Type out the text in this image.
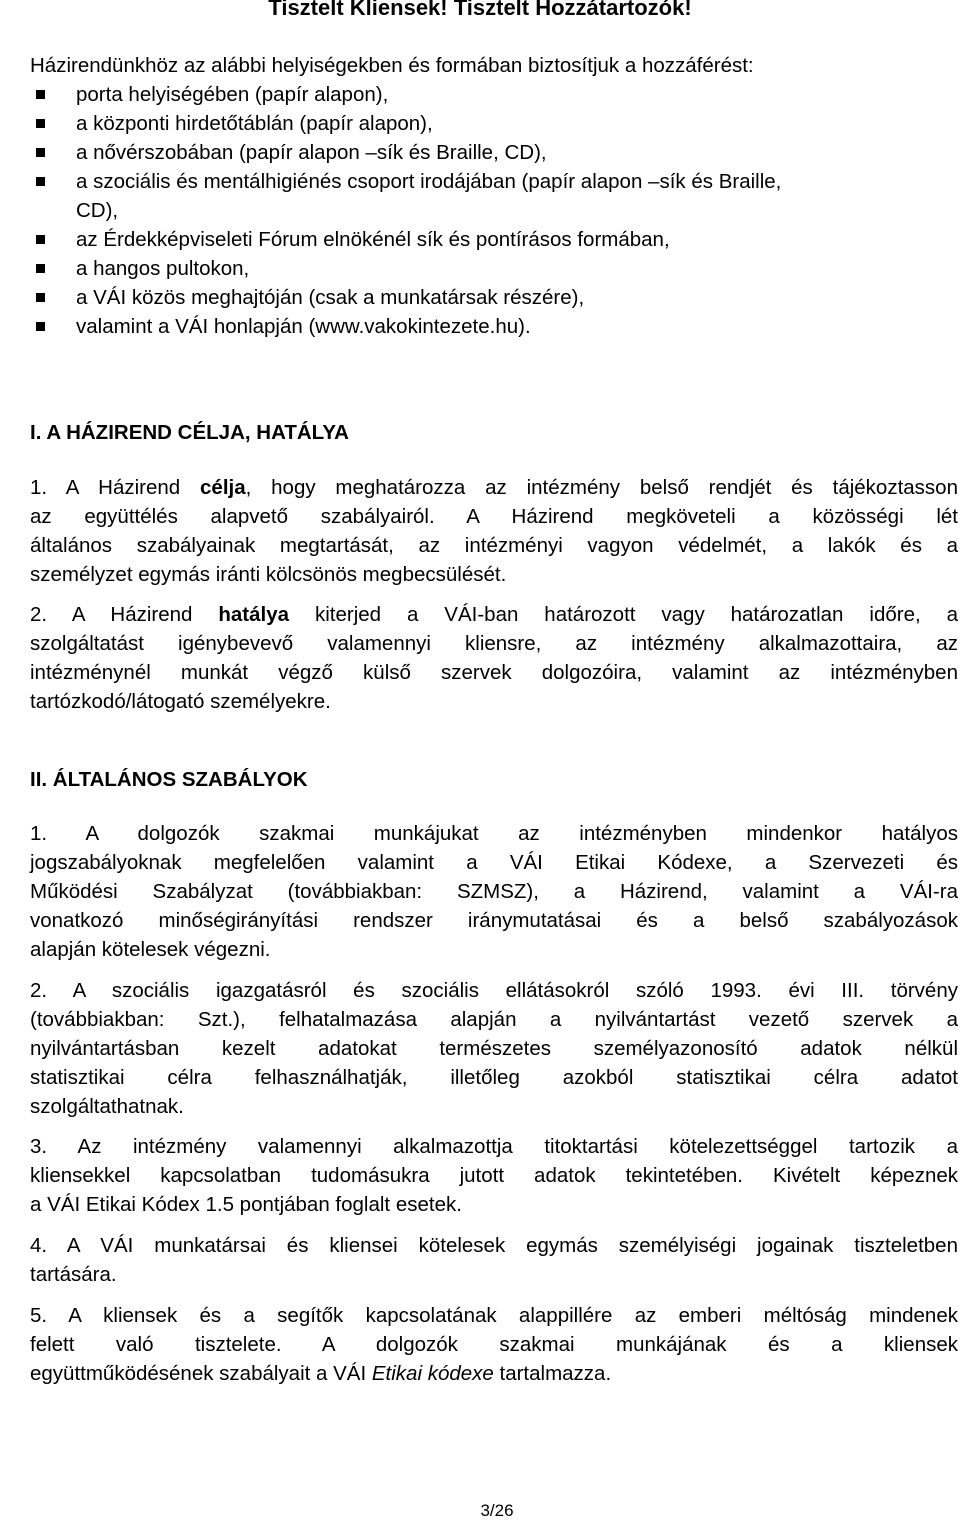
Tisztelt Kliensek! Tisztelt Hozzátartozók!
Házirendünkhöz az alábbi helyiségekben és formában biztosítjuk a hozzáférést:
porta helyiségében (papír alapon),
a központi hirdetőtáblán (papír alapon),
a nővérszobában (papír alapon –sík és Braille, CD),
a szociális és mentálhigiénés csoport irodájában (papír alapon –sík és Braille,
CD),
az Érdekképviseleti Fórum elnökénél sík és pontírásos formában,
a hangos pultokon,
a VÁI közös meghajtóján (csak a munkatársak részére),
valamint a VÁI honlapján (www.vakokintezete.hu).
I. A HÁZIREND CÉLJA, HATÁLYA
1. A Házirend célja, hogy meghatározza az intézmény belső rendjét és tájékoztasson
az együttélés alapvető szabályairól. A Házirend megköveteli a közösségi lét
általános szabályainak megtartását, az intézményi vagyon védelmét, a lakók és a
személyzet egymás iránti kölcsönös megbecsülését.
2. A Házirend hatálya kiterjed a VÁI-ban határozott vagy határozatlan időre, a
szolgáltatást igénybevevő valamennyi kliensre, az intézmény alkalmazottaira, az
intézménynél munkát végző külső szervek dolgozóira, valamint az intézményben
tartózkodó/látogató személyekre.
II. ÁLTALÁNOS SZABÁLYOK
1. A dolgozók szakmai munkájukat az intézményben mindenkor hatályos
jogszabályoknak megfelelően valamint a VÁI Etikai Kódexe, a Szervezeti és
Működési Szabályzat (továbbiakban: SZMSZ), a Házirend, valamint a VÁI-ra
vonatkozó minőségirányítási rendszer iránymutatásai és a belső szabályozások
alapján kötelesek végezni.
2. A szociális igazgatásról és szociális ellátásokról szóló 1993. évi III. törvény
(továbbiakban: Szt.), felhatalmazása alapján a nyilvántartást vezető szervek a
nyilvántartásban kezelt adatokat természetes személyazonosító adatok nélkül
statisztikai célra felhasználhatják, illetőleg azokból statisztikai célra adatot
szolgáltathatnak.
3. Az intézmény valamennyi alkalmazottja titoktartási kötelezettséggel tartozik a
kliensekkel kapcsolatban tudomásukra jutott adatok tekintetében. Kivételt képeznek
a VÁI Etikai Kódex 1.5 pontjában foglalt esetek.
4. A VÁI munkatársai és kliensei kötelesek egymás személyiségi jogainak tiszteletben
tartására.
5. A kliensek és a segítők kapcsolatának alappillére az emberi méltóság mindenek
felett való tisztelete. A dolgozók szakmai munkájának és a kliensek
együttműködésének szabályait a VÁI Etikai kódexe tartalmazza.
3/26
